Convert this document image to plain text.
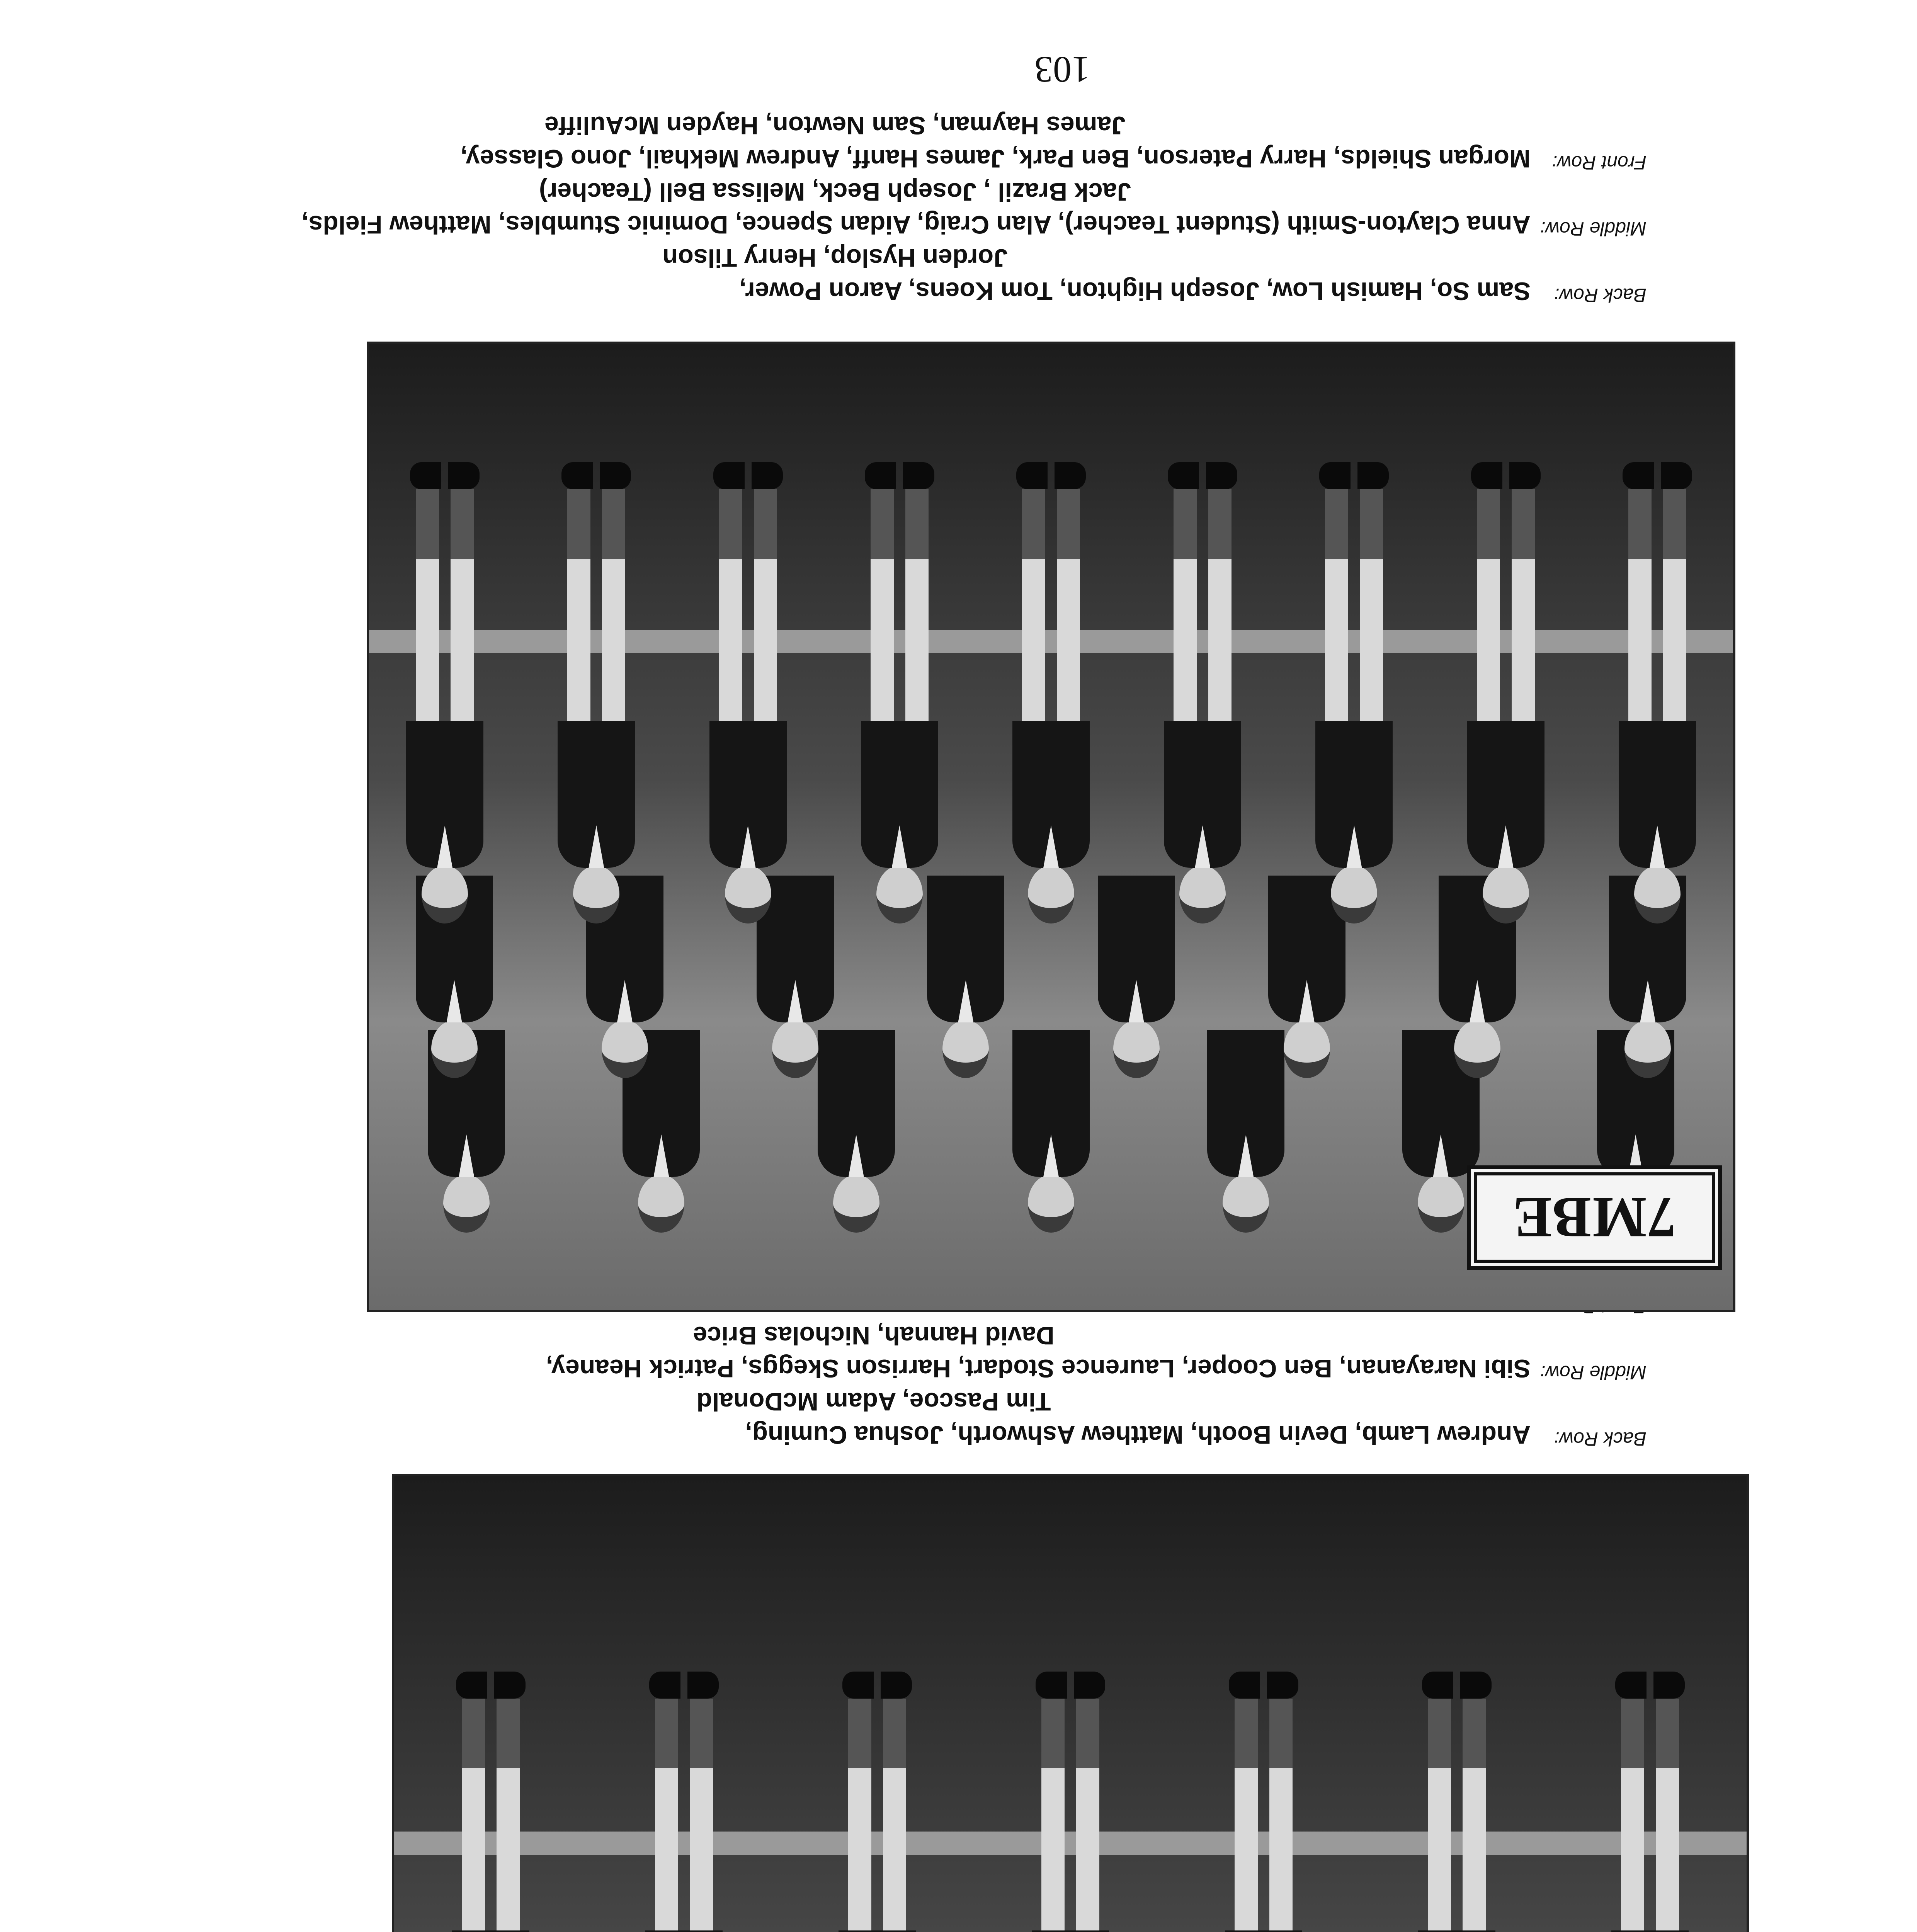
Back Row:Andrew Lamb, Devin Booth, Matthew Ashworth, Joshua Cuming,
Tim Pascoe, Adam McDonald
Middle Row:Sibi Narayanan, Ben Cooper, Laurence Stodart, Harrison Skeggs, Patrick Heaney,
David Hannah, Nicholas Brice
7MBE
Back Row:Sam So, Hamish Low, Joseph Highton, Tom Koens, Aaron Power,
Jorden Hyslop, Henry Tilson
Middle Row:Anna Clayton-Smith (Student Teacher), Alan Craig, Aidan Spence, Dominic Stumbles, Matthew Fields,
Jack Brazil , Joseph Beck, Melissa Bell (Teacher)
Front Row:Morgan Shields, Harry Paterson, Ben Park, James Hanff, Andrew Mekhail, Jono Glassey,
James Hayman, Sam Newton, Hayden McAuliffe
103
